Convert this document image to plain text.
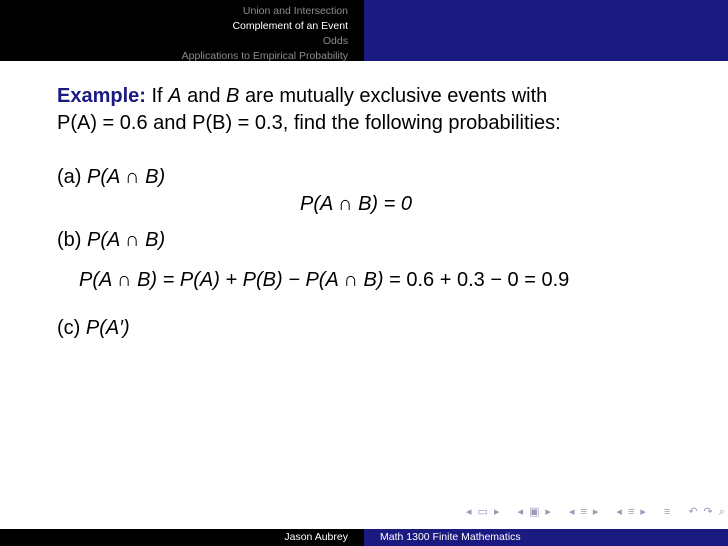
Union and Intersection
Complement of an Event
Odds
Applications to Empirical Probability
Example: If A and B are mutually exclusive events with
P(A) = 0.6 and P(B) = 0.3, find the following probabilities:
(a) P(A ∩ B)
P(A ∩ B) = 0
(b) P(A ∩ B)
P(A ∩ B) = P(A) + P(B) − P(A ∩ B) = 0.6 + 0.3 − 0 = 0.9
(c) P(A′)
◂ ▭ ▸ ◂ ▣ ▸ ◂ ≡ ▸ ◂ ≡ ▸ ≡ ↶ ↷ ⌕
Jason Aubrey	Math 1300 Finite Mathematics
